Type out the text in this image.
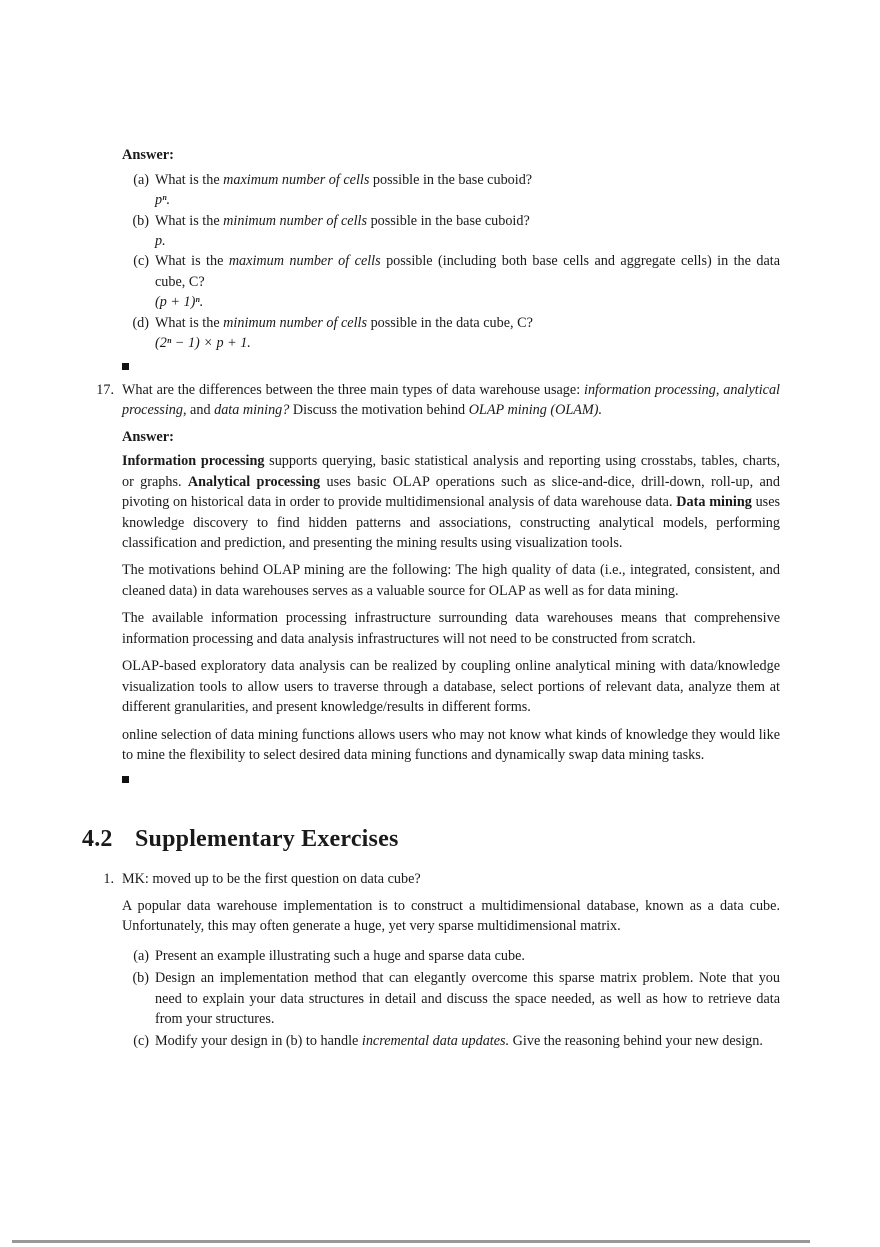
Answer:
(a) What is the maximum number of cells possible in the base cuboid?
pⁿ.
(b) What is the minimum number of cells possible in the base cuboid?
p.
(c) What is the maximum number of cells possible (including both base cells and aggregate cells) in the data cube, C?
(p + 1)ⁿ.
(d) What is the minimum number of cells possible in the data cube, C?
(2ⁿ − 1) × p + 1.
17. What are the differences between the three main types of data warehouse usage: information processing, analytical processing, and data mining? Discuss the motivation behind OLAP mining (OLAM).

Answer:

Information processing supports querying, basic statistical analysis and reporting using crosstabs, tables, charts, or graphs. Analytical processing uses basic OLAP operations such as slice-and-dice, drill-down, roll-up, and pivoting on historical data in order to provide multidimensional analysis of data warehouse data. Data mining uses knowledge discovery to find hidden patterns and associations, constructing analytical models, performing classification and prediction, and presenting the mining results using visualization tools.

The motivations behind OLAP mining are the following: The high quality of data (i.e., integrated, consistent, and cleaned data) in data warehouses serves as a valuable source for OLAP as well as for data mining.

The available information processing infrastructure surrounding data warehouses means that comprehensive information processing and data analysis infrastructures will not need to be constructed from scratch.

OLAP-based exploratory data analysis can be realized by coupling online analytical mining with data/knowledge visualization tools to allow users to traverse through a database, select portions of relevant data, analyze them at different granularities, and present knowledge/results in different forms.

online selection of data mining functions allows users who may not know what kinds of knowledge they would like to mine the flexibility to select desired data mining functions and dynamically swap data mining tasks.

4.2 Supplementary Exercises
1. MK: moved up to be the first question on data cube?

A popular data warehouse implementation is to construct a multidimensional database, known as a data cube. Unfortunately, this may often generate a huge, yet very sparse multidimensional matrix.

(a) Present an example illustrating such a huge and sparse data cube.
(b) Design an implementation method that can elegantly overcome this sparse matrix problem. Note that you need to explain your data structures in detail and discuss the space needed, as well as how to retrieve data from your structures.
(c) Modify your design in (b) to handle incremental data updates. Give the reasoning behind your new design.
